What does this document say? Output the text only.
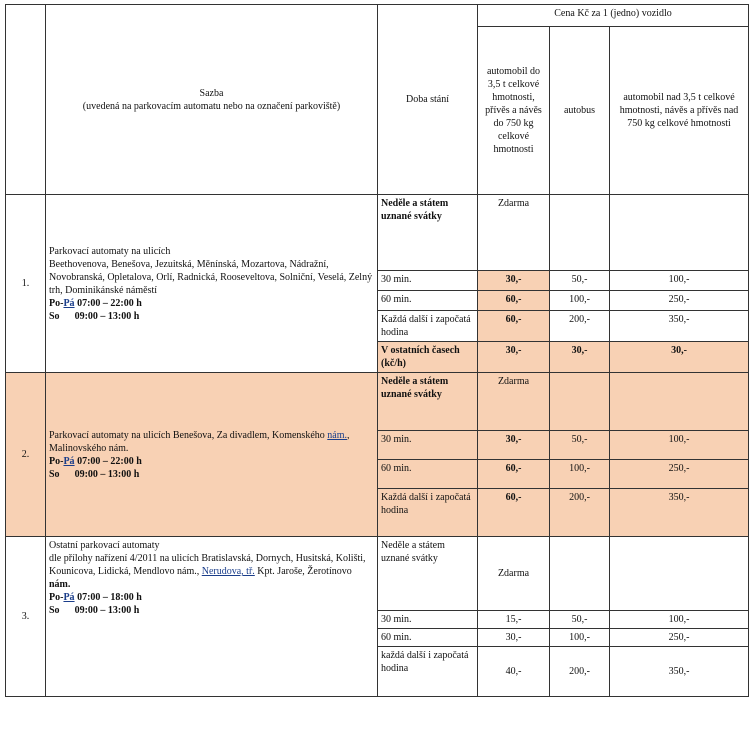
	Sazba
(uvedená na parkovacím automatu nebo na označení parkoviště)	Doba stání	Cena Kč za 1 (jedno) vozidlo		
			automobil do 3,5 t celkové hmotnosti, přívěs a návěs do 750 kg celkové hmotnosti	autobus	automobil nad 3,5 t celkové hmotnosti, návěs a přívěs nad 750 kg celkové hmotnosti
1.	Parkovací automaty na ulicích
Beethovenova, Benešova, Jezuitská, Měnínská, Mozartova, Nádražní, Novobranská, Opletalova, Orlí, Radnická, Rooseveltova, Solniční, Veselá, Zelný trh, Dominikánské náměstí
Po-Pá 07:00 – 22:00 h
So 09:00 – 13:00 h	Neděle a státem uznané svátky	Zdarma		
		30 min.	30,-	50,-	100,-
		60 min.	60,-	100,-	250,-
		Každá další i započatá hodina	60,-	200,-	350,-
		V ostatních časech (kč/h)	30,-	30,-	30,-
2.	Parkovací automaty na ulicích Benešova, Za divadlem, Komenského nám., Malinovského nám.
Po-Pá 07:00 – 22:00 h
So 09:00 – 13:00 h	Neděle a státem uznané svátky	Zdarma		
		30 min.	30,-	50,-	100,-
		60 min.	60,-	100,-	250,-
		Každá další i započatá hodina	60,-	200,-	350,-
3.	Ostatní parkovací automaty
dle přílohy nařízení 4/2011 na ulicích Bratislavská, Dornych, Husitská, Kolišti, Kounicova, Lidická, Mendlovo nám., Nerudova, tř. Kpt. Jaroše, Žerotínovo nám.
Po-Pá 07:00 – 18:00 h
So 09:00 – 13:00 h	Neděle a státem uznané svátky	Zdarma		
		30 min.	15,-	50,-	100,-
		60 min.	30,-	100,-	250,-
		každá další i započatá hodina	40,-	200,-	350,-
